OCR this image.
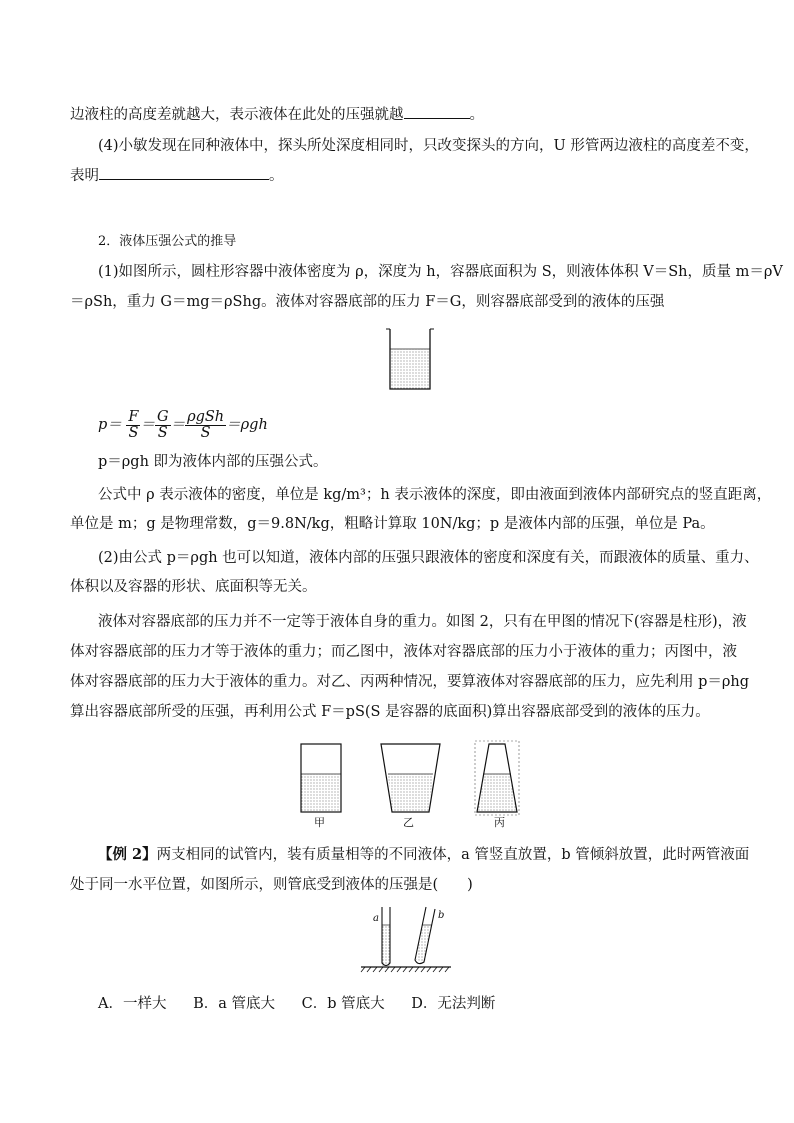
边液柱的高度差就越大，表示液体在此处的压强就越	。
(4)小敏发现在同种液体中，探头所处深度相同时，只改变探头的方向，U 形管两边液柱的高度差不变，
表明	。
2．液体压强公式的推导
(1)如图所示，圆柱形容器中液体密度为 ρ，深度为 h，容器底面积为 S，则液体体积 V＝Sh，质量 m＝ρV
＝ρSh，重力 G＝mg＝ρShg。液体对容器底部的压力 F＝G，则容器底部受到的液体的压强
$p= \frac{F}{S} = \frac{G}{S} = \frac{\text{ρgSh}}{S} =\rho gh$
p＝ρgh 即为液体内部的压强公式。
公式中 ρ 表示液体的密度，单位是 kg/m³；h 表示液体的深度，即由液面到液体内部研究点的竖直距离，
单位是 m；g 是物理常数，g＝9.8N/kg，粗略计算取 10N/kg；p 是液体内部的压强，单位是 Pa。
(2)由公式 p＝ρgh 也可以知道，液体内部的压强只跟液体的密度和深度有关，而跟液体的质量、重力、
体积以及容器的形状、底面积等无关。
液体对容器底部的压力并不一定等于液体自身的重力。如图 2，只有在甲图的情况下(容器是柱形)，液
体对容器底部的压力才等于液体的重力；而乙图中，液体对容器底部的压力小于液体的重力；丙图中，液
体对容器底部的压力大于液体的重力。对乙、丙两种情况，要算液体对容器底部的压力，应先利用 p＝ρhg
算出容器底部所受的压强，再利用公式 F＝pS(S 是容器的底面积)算出容器底部受到的液体的压力。
甲	乙	丙
【例 2】两支相同的试管内，装有质量相等的不同液体，a 管竖直放置，b 管倾斜放置，此时两管液面
处于同一水平位置，如图所示，则管底受到液体的压强是(　　)
a	b
A．一样大 B．a 管底大 C．b 管底大 D．无法判断
